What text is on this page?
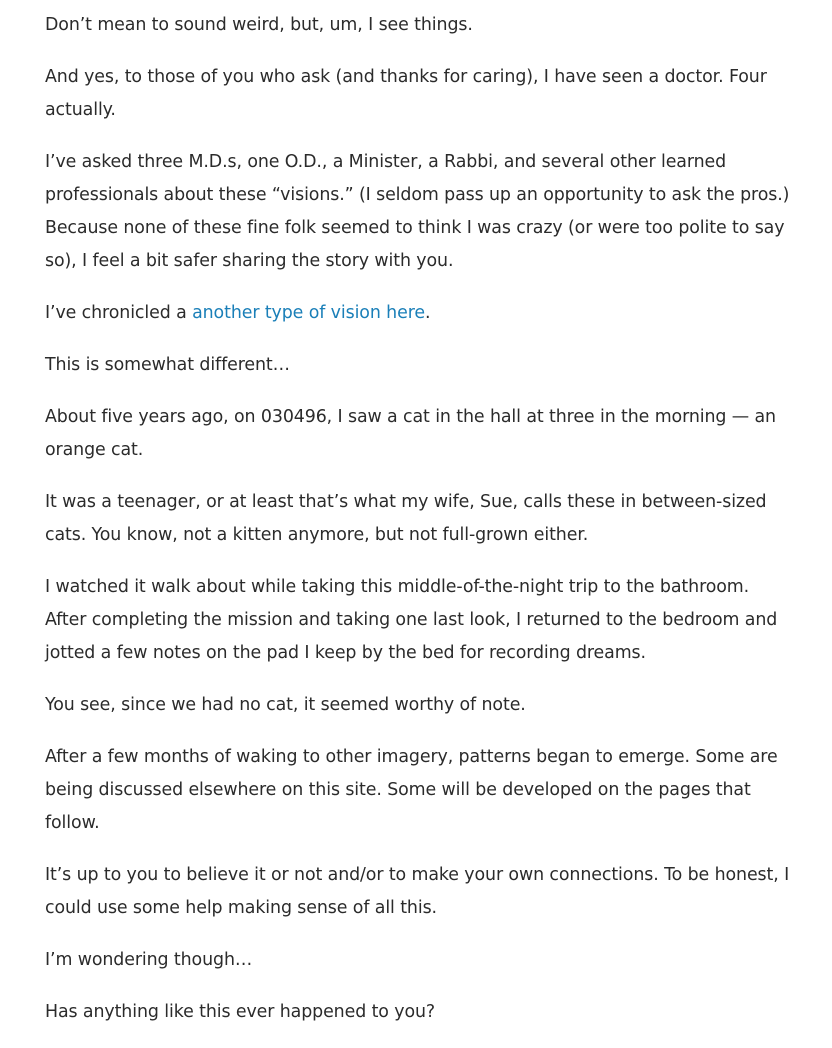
Don’t mean to sound weird, but, um, I see things.

And yes, to those of you who ask (and thanks for caring), I have seen a doctor. Four actually.

I’ve asked three M.D.s, one O.D., a Minister, a Rabbi, and several other learned professionals about these “visions.” (I seldom pass up an opportunity to ask the pros.) Because none of these fine folk seemed to think I was crazy (or were too polite to say so), I feel a bit safer sharing the story with you.

I’ve chronicled a another type of vision here.

This is somewhat different…

About five years ago, on 030496, I saw a cat in the hall at three in the morning — an orange cat.

It was a teenager, or at least that’s what my wife, Sue, calls these in between-sized cats. You know, not a kitten anymore, but not full-grown either.

I watched it walk about while taking this middle-of-the-night trip to the bathroom. After completing the mission and taking one last look, I returned to the bedroom and jotted a few notes on the pad I keep by the bed for recording dreams.

You see, since we had no cat, it seemed worthy of note.

After a few months of waking to other imagery, patterns began to emerge. Some are being discussed elsewhere on this site. Some will be developed on the pages that follow.

It’s up to you to believe it or not and/or to make your own connections. To be honest, I could use some help making sense of all this.

I’m wondering though…

Has anything like this ever happened to you?
